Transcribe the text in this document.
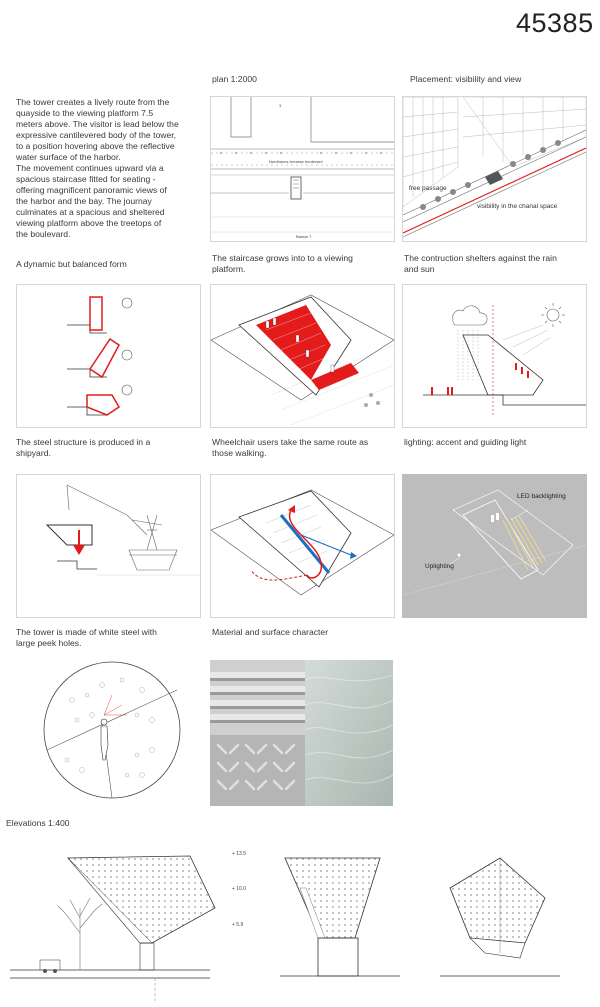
45385
The tower creates a lively route from the
quayside to the viewing platform 7.5
meters above. The visitor is lead below the
expressive cantilevered body of the tower,
to a position hovering above the reflective
water surface of the harbor.
The movement continues upward via a
spacious staircase fitted for seating -
offering magnificent panoramic views of
the harbor and the bay. The journay
culminates at a spacious and sheltered
viewing platform above the treetops of
the boulevard.
plan 1:2000	Placement: visibility and view
3
Nordhavns terrasse boulevard
Bassin 7
free passage
visibility in the chanal space
A dynamic but balanced form
The staircase grows into to a viewing
platform.
The contruction shelters against the rain
and sun
The steel structure is produced in a
shipyard.
Wheelchair users take the same route as
those walking.
lighting: accent and guiding light
LED backlighting
Uplighting
The tower is made of white steel with
large peek holes.
Material and surface character
Elevations 1:400
+ 13.5
+ 10.0
+ 5.9
